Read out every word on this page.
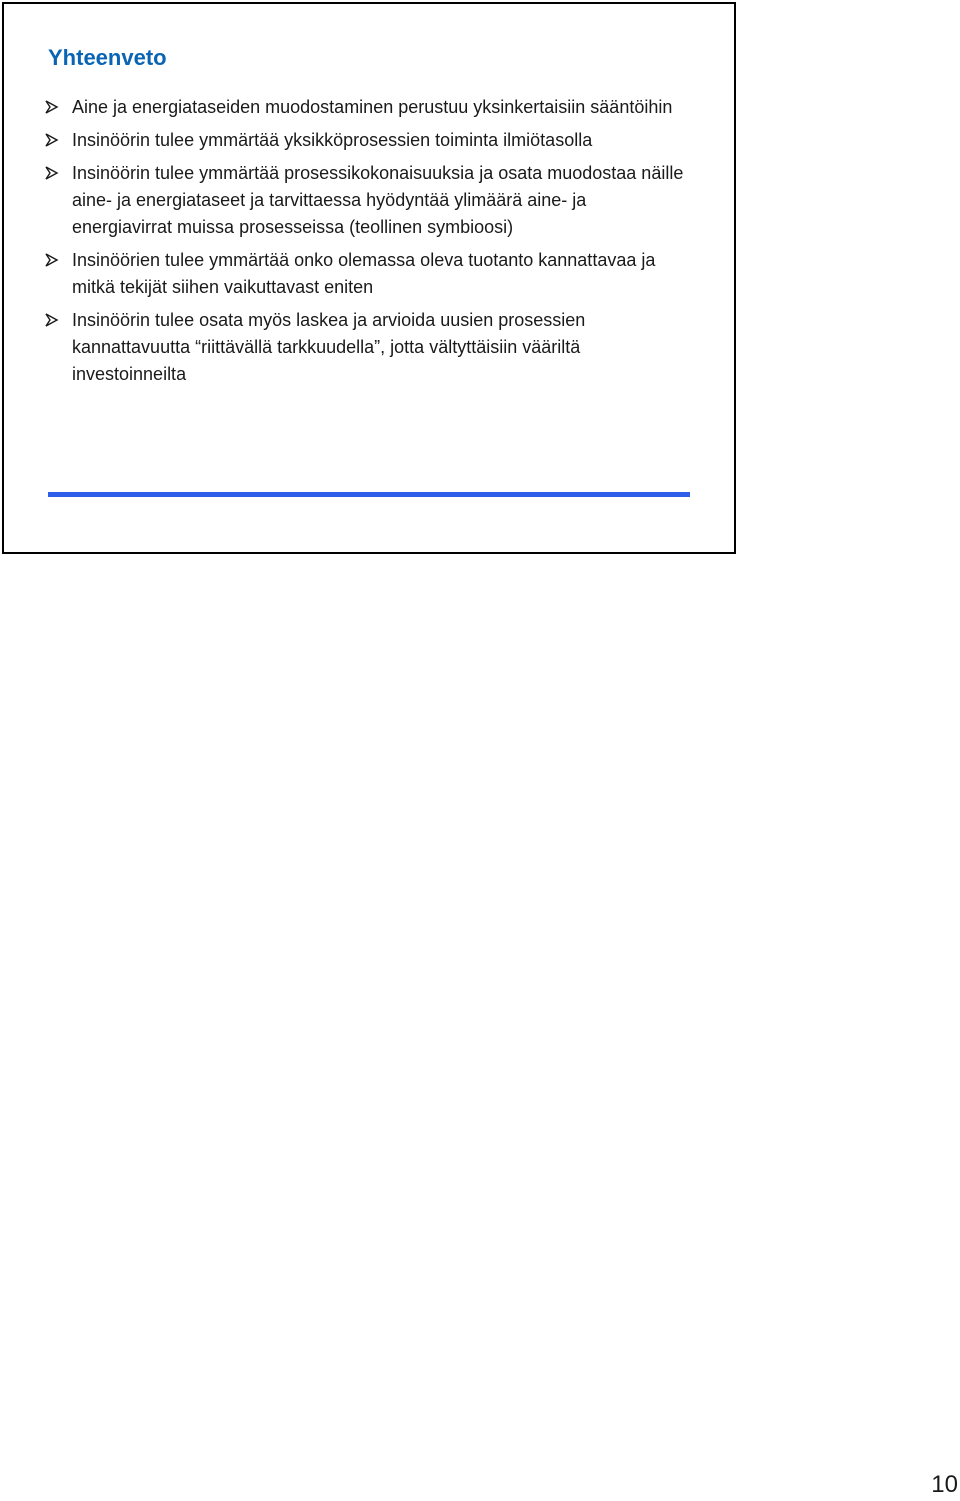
Yhteenveto
Aine ja energiataseiden muodostaminen perustuu yksinkertaisiin sääntöihin
Insinöörin tulee ymmärtää yksikköprosessien toiminta ilmiötasolla
Insinöörin tulee ymmärtää prosessikokonaisuuksia ja osata muodostaa näille aine- ja energiataseet ja tarvittaessa hyödyntää ylimäärä aine- ja energiavirrat muissa prosesseissa (teollinen symbioosi)
Insinöörien tulee ymmärtää onko olemassa oleva tuotanto kannattavaa ja mitkä tekijät siihen vaikuttavast eniten
Insinöörin tulee osata myös laskea ja arvioida uusien prosessien kannattavuutta “riittävällä tarkkuudella”, jotta vältyttäisiin vääriltä investoinneilta
10
